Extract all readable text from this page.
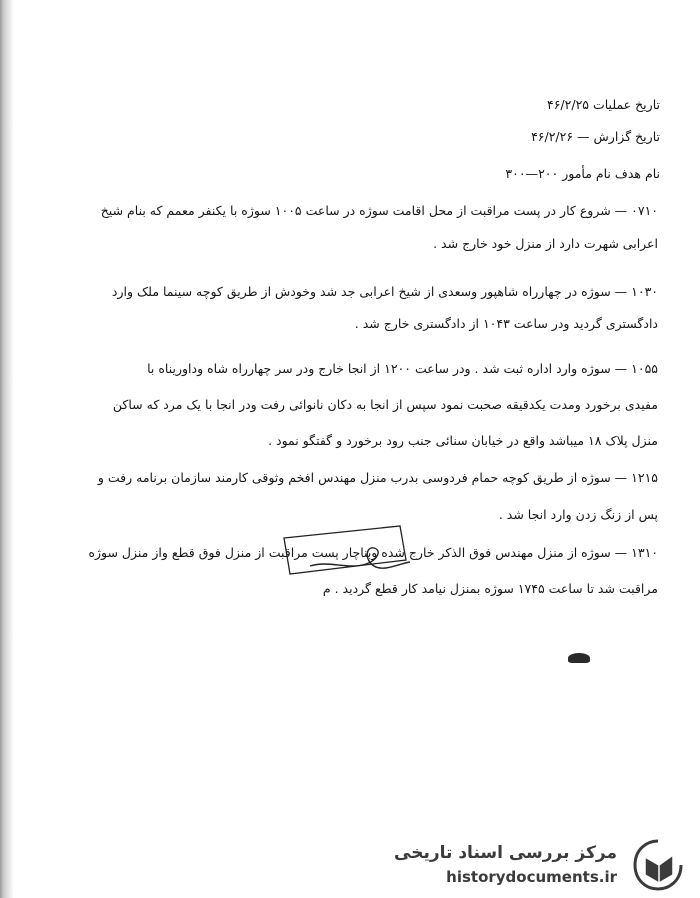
تاریخ عملیات ۴۶/۲/۲۵
تاریخ گزارش — ۴۶/۲/۲۶
نام هدف نام مأمور ۲۰۰—۳۰۰
۰۷۱۰ — شروع کار در پست مراقبت از محل اقامت سوژه در ساعت ۱۰۰۵ سوژه با یکنفر معمم که بنام شیخ
اعرابی شهرت دارد از منزل خود خارج شد .
۱۰۳۰ — سوژه در چهارراه شاهپور وسعدی از شیخ اعرابی جد شد وخودش از طریق کوچه سینما ملک وارد
دادگستری گردید ودر ساعت ۱۰۴۳ از دادگستری خارج شد .
۱۰۵۵ — سوژه وارد اداره ثبت شد . ودر ساعت ۱۲۰۰ از انجا خارج ودر سر چهارراه شاه وداوریناه با
مفیدی برخورد ومدت یکدقیقه صحبت نمود سپس از انجا به دکان نانوائی رفت ودر انجا با یک مرد که ساکن
منزل پلاک ۱۸ میباشد واقع در خیابان سنائی جنب رود برخورد و گفتگو نمود .
۱۲۱۵ — سوژه از طریق کوچه حمام فردوسی بدرب منزل مهندس افخم وثوقی کارمند سازمان برنامه رفت و
پس از زنگ زدن وارد انجا شد .
۱۳۱۰ — سوژه از منزل مهندس فوق الذکر خارج شده وبناچار پست مراقبت از منزل فوق قطع واز منزل سوژه
مراقبت شد تا ساعت ۱۷۴۵ سوژه بمنزل نیامد کار قطع گردید . م
مرکز بررسی اسناد تاریخی
historydocuments.ir
